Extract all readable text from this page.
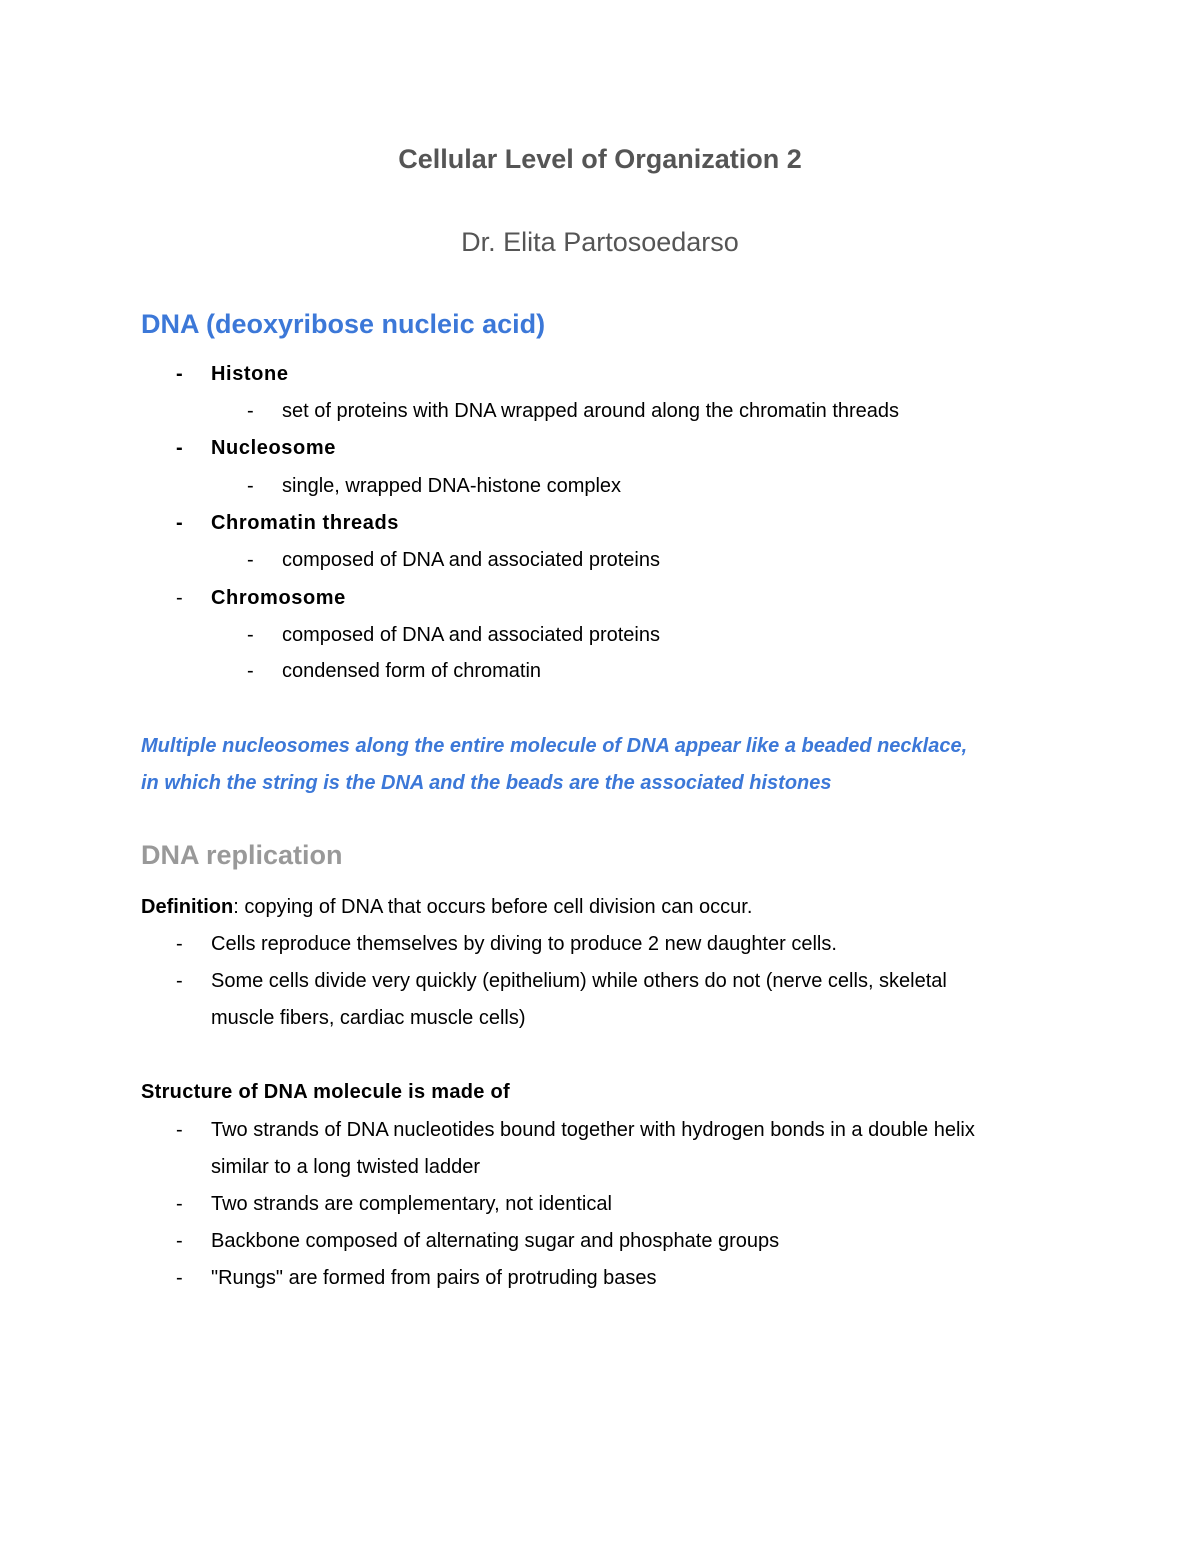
Cellular Level of Organization 2
Dr. Elita Partosoedarso
DNA (deoxyribose nucleic acid)
- Histone
- set of proteins with DNA wrapped around along the chromatin threads
- Nucleosome
- single, wrapped DNA-histone complex
- Chromatin threads
- composed of DNA and associated proteins
- Chromosome
- composed of DNA and associated proteins
- condensed form of chromatin
Multiple nucleosomes along the entire molecule of DNA appear like a beaded necklace,
in which the string is the DNA and the beads are the associated histones
DNA replication
Definition: copying of DNA that occurs before cell division can occur.
- Cells reproduce themselves by diving to produce 2 new daughter cells.
- Some cells divide very quickly (epithelium) while others do not (nerve cells, skeletal
muscle fibers, cardiac muscle cells)
Structure of DNA molecule is made of
- Two strands of DNA nucleotides bound together with hydrogen bonds in a double helix
similar to a long twisted ladder
- Two strands are complementary, not identical
- Backbone composed of alternating sugar and phosphate groups
- "Rungs" are formed from pairs of protruding bases
